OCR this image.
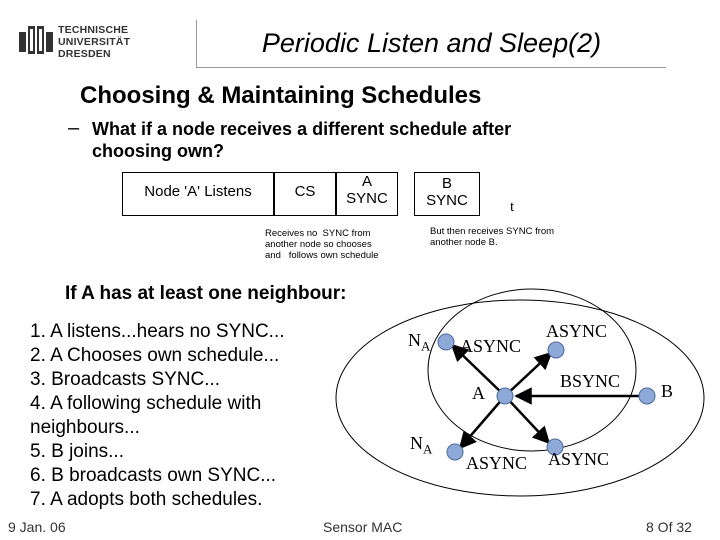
TECHNISCHE
UNIVERSITÄT
DRESDEN	Periodic Listen and Sleep(2)
Choosing & Maintaining Schedules
– What if a node receives a different schedule after
choosing own?
Node 'A' Listens	CS
A
SYNC
B
SYNC	t
Receives no  SYNC from
another node so chooses
and   follows own schedule
But then receives SYNC from
another node B.
If A has at least one neighbour:
1. A listens...hears no SYNC...
2. A Chooses own schedule...
3. Broadcasts SYNC...
4. A following schedule with
neighbours...
5. B joins...
6. B broadcasts own SYNC...
7. A adopts both schedules.
$N_A$ ASYNC
ASYNC
A
BSYNC B
$N_A$
ASYNC ASYNC
9 Jan. 06	Sensor MAC	8 Of 32
